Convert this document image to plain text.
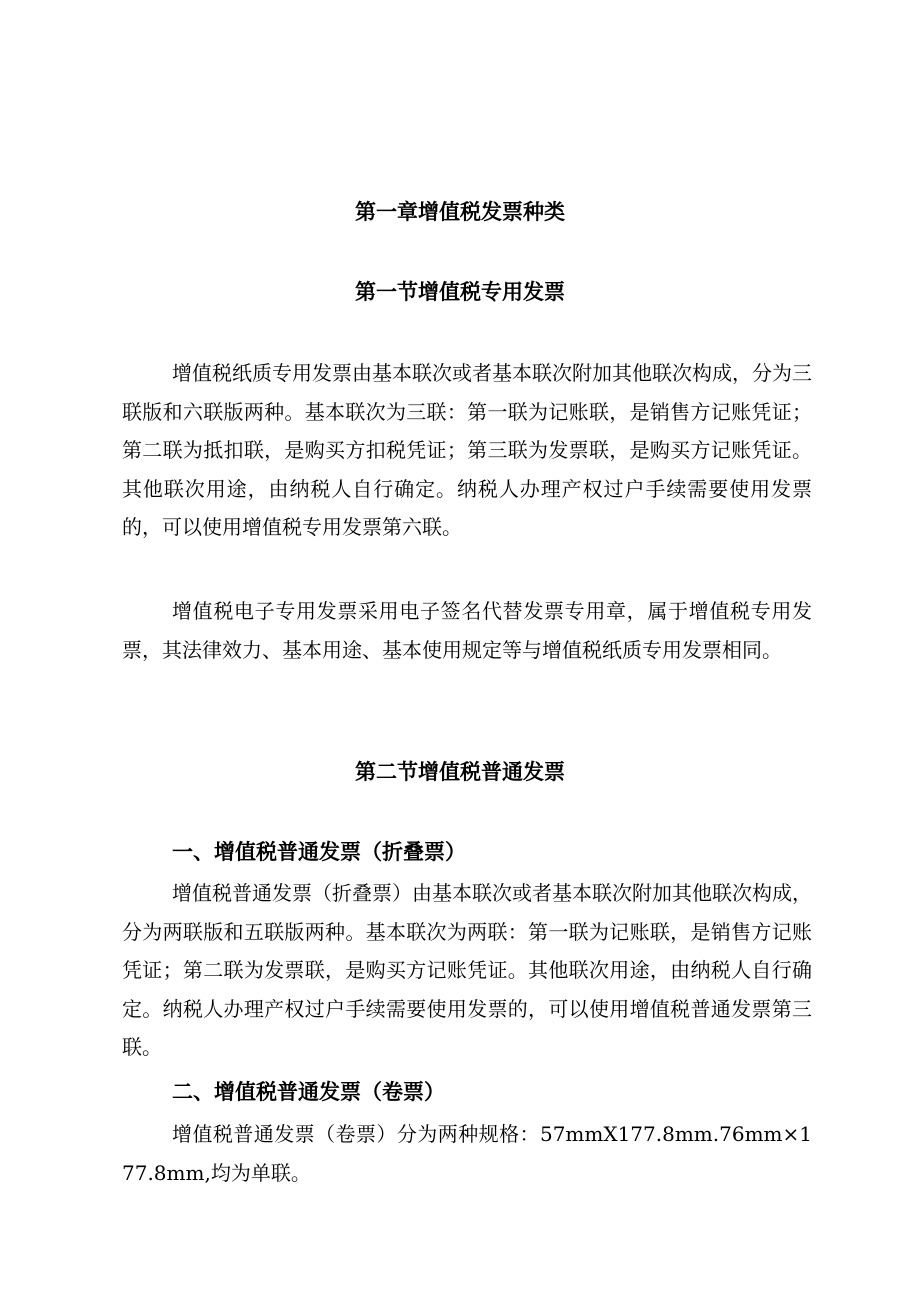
第一章增值税发票种类
第一节增值税专用发票
增值税纸质专用发票由基本联次或者基本联次附加其他联次构成，分为三联版和六联版两种。基本联次为三联：第一联为记账联，是销售方记账凭证；第二联为抵扣联，是购买方扣税凭证；第三联为发票联，是购买方记账凭证。其他联次用途，由纳税人自行确定。纳税人办理产权过户手续需要使用发票的，可以使用增值税专用发票第六联。
增值税电子专用发票采用电子签名代替发票专用章，属于增值税专用发票，其法律效力、基本用途、基本使用规定等与增值税纸质专用发票相同。
第二节增值税普通发票
一、增值税普通发票（折叠票）
增值税普通发票（折叠票）由基本联次或者基本联次附加其他联次构成，分为两联版和五联版两种。基本联次为两联：第一联为记账联，是销售方记账凭证；第二联为发票联，是购买方记账凭证。其他联次用途，由纳税人自行确定。纳税人办理产权过户手续需要使用发票的，可以使用增值税普通发票第三联。
二、增值税普通发票（卷票）
增值税普通发票（卷票）分为两种规格：57mmX177.8mm.76mm×177.8mm,均为单联。
